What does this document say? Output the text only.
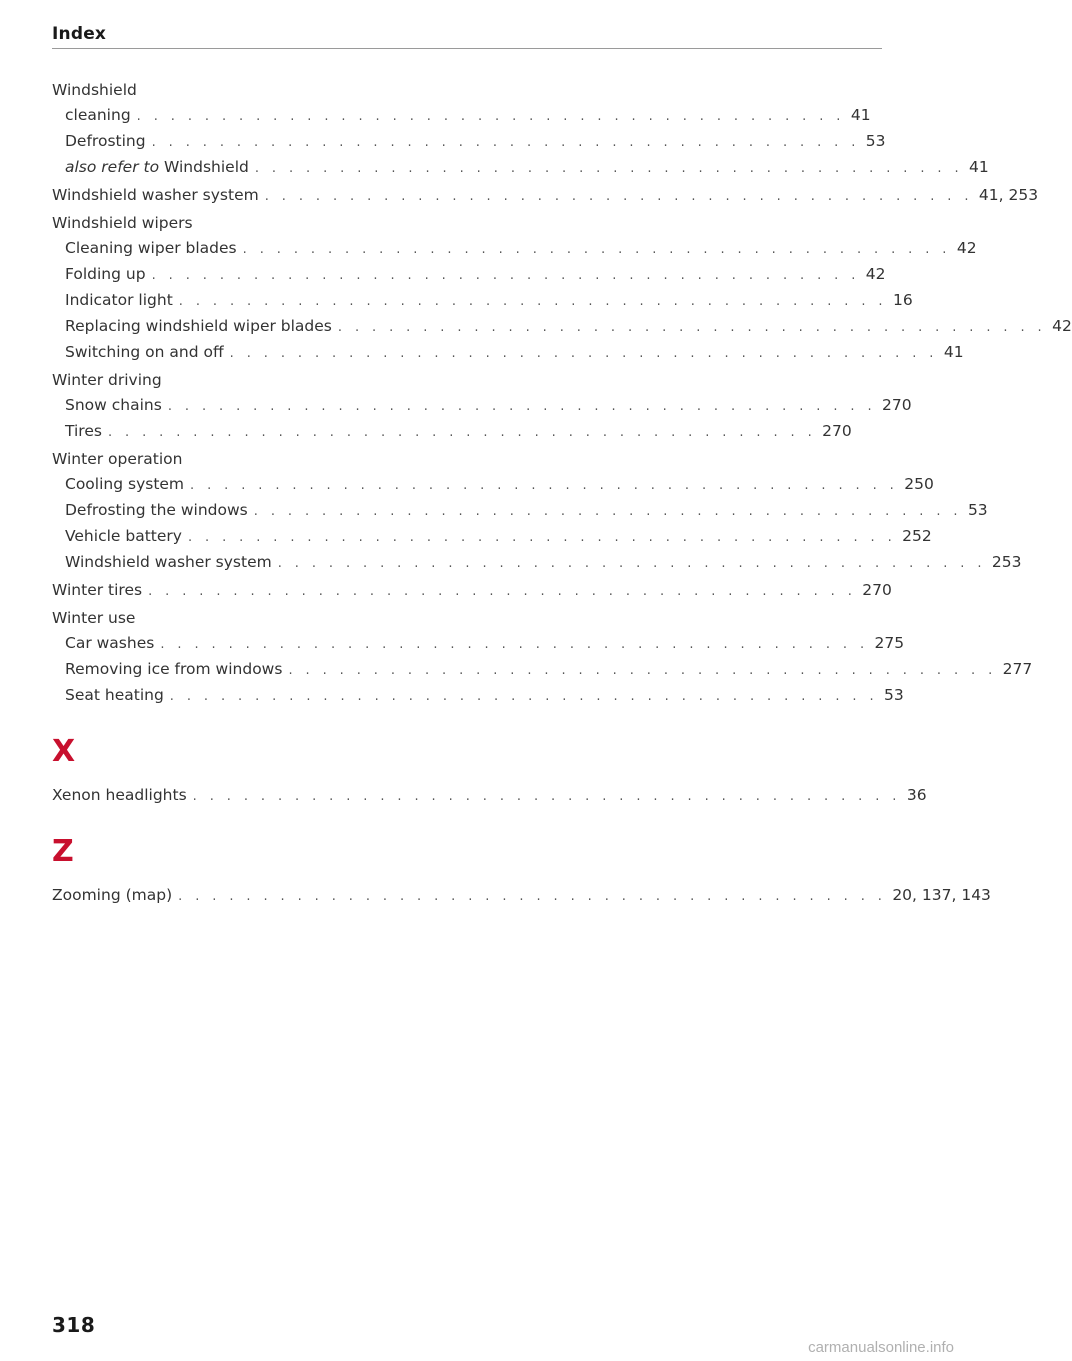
Index
Windshield
cleaning . . . . . . . . . . . . . . . . . . . . . . . . . . . . . . . . . . . . . . . . . . 41
Defrosting . . . . . . . . . . . . . . . . . . . . . . . . . . . . . . . . . . . . . . . . . . 53
also refer to Windshield . . . . . . . . . . . . . . . . . . . . . . . . . . . . . . . . . . . . . . . . . . 41
Windshield washer system . . . . . . . . . . . . . . . . . . . . . . . . . . . . . . . . . . . . . . . . . . 41, 253
Windshield wipers
Cleaning wiper blades . . . . . . . . . . . . . . . . . . . . . . . . . . . . . . . . . . . . . . . . . . 42
Folding up . . . . . . . . . . . . . . . . . . . . . . . . . . . . . . . . . . . . . . . . . . 42
Indicator light . . . . . . . . . . . . . . . . . . . . . . . . . . . . . . . . . . . . . . . . . . 16
Replacing windshield wiper blades . . . . . . . . . . . . . . . . . . . . . . . . . . . . . . . . . . . . . . . . . . 42
Switching on and off . . . . . . . . . . . . . . . . . . . . . . . . . . . . . . . . . . . . . . . . . . 41
Winter driving
Snow chains . . . . . . . . . . . . . . . . . . . . . . . . . . . . . . . . . . . . . . . . . . 270
Tires . . . . . . . . . . . . . . . . . . . . . . . . . . . . . . . . . . . . . . . . . . 270
Winter operation
Cooling system . . . . . . . . . . . . . . . . . . . . . . . . . . . . . . . . . . . . . . . . . . 250
Defrosting the windows . . . . . . . . . . . . . . . . . . . . . . . . . . . . . . . . . . . . . . . . . . 53
Vehicle battery . . . . . . . . . . . . . . . . . . . . . . . . . . . . . . . . . . . . . . . . . . 252
Windshield washer system . . . . . . . . . . . . . . . . . . . . . . . . . . . . . . . . . . . . . . . . . . 253
Winter tires . . . . . . . . . . . . . . . . . . . . . . . . . . . . . . . . . . . . . . . . . . 270
Winter use
Car washes . . . . . . . . . . . . . . . . . . . . . . . . . . . . . . . . . . . . . . . . . . 275
Removing ice from windows . . . . . . . . . . . . . . . . . . . . . . . . . . . . . . . . . . . . . . . . . . 277
Seat heating . . . . . . . . . . . . . . . . . . . . . . . . . . . . . . . . . . . . . . . . . . 53
X
Xenon headlights . . . . . . . . . . . . . . . . . . . . . . . . . . . . . . . . . . . . . . . . . . 36
Z
Zooming (map) . . . . . . . . . . . . . . . . . . . . . . . . . . . . . . . . . . . . . . . . . . 20, 137, 143
318
carmanualsonline.info
